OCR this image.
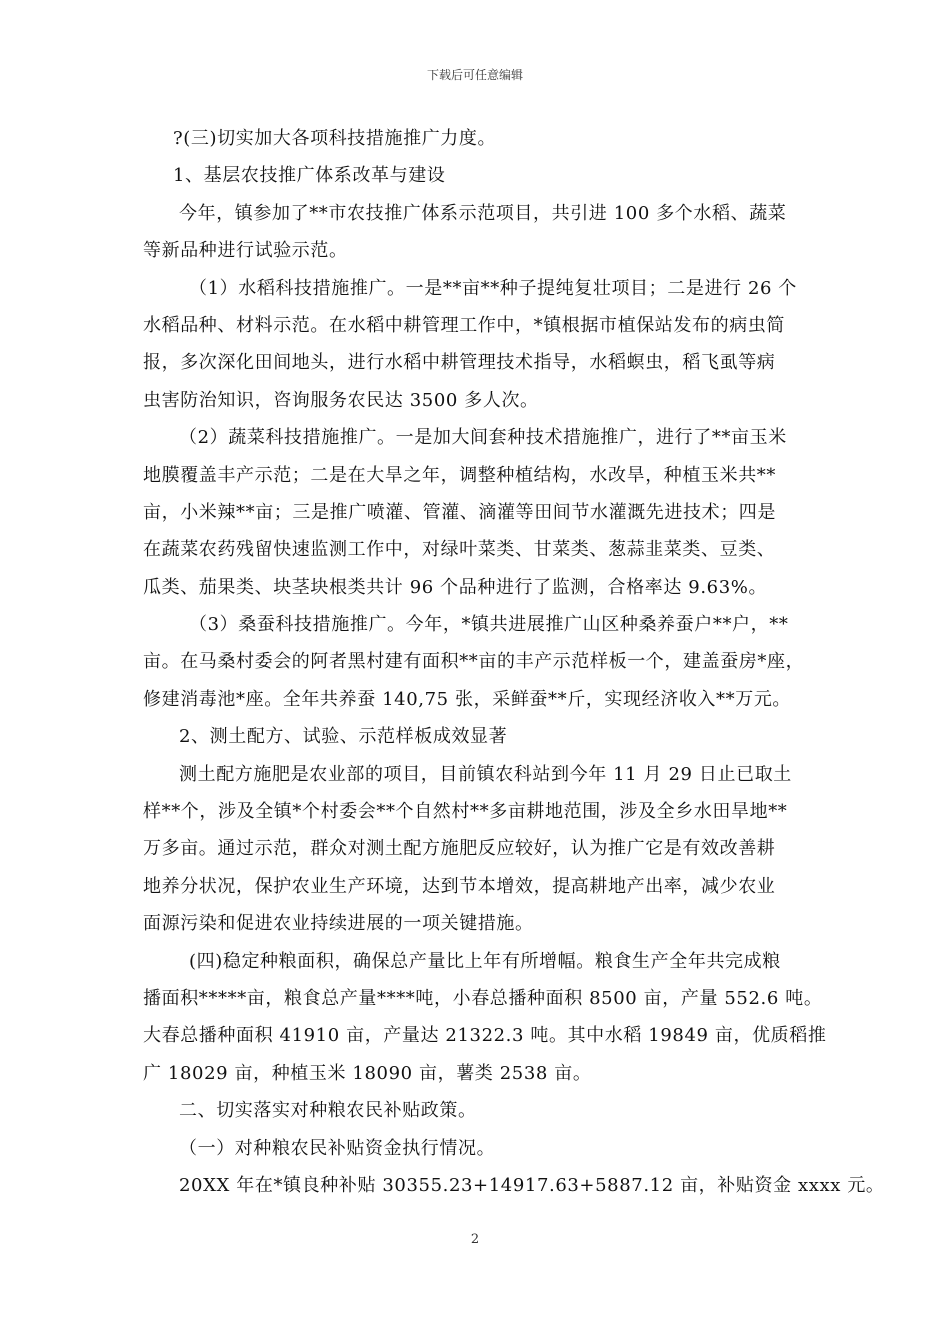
下载后可任意编辑
?(三)切实加大各项科技措施推广力度。
1、基层农技推广体系改革与建设
今年，镇参加了**市农技推广体系示范项目，共引进 100 多个水稻、蔬菜
等新品种进行试验示范。
（1）水稻科技措施推广。一是**亩**种子提纯复壮项目；二是进行 26 个
水稻品种、材料示范。在水稻中耕管理工作中，*镇根据市植保站发布的病虫简
报，多次深化田间地头，进行水稻中耕管理技术指导，水稻螟虫，稻飞虱等病
虫害防治知识，咨询服务农民达 3500 多人次。
（2）蔬菜科技措施推广。一是加大间套种技术措施推广，进行了**亩玉米
地膜覆盖丰产示范；二是在大旱之年，调整种植结构，水改旱，种植玉米共**
亩，小米辣**亩；三是推广喷灌、管灌、滴灌等田间节水灌溉先进技术；四是
在蔬菜农药残留快速监测工作中，对绿叶菜类、甘菜类、葱蒜韭菜类、豆类、
瓜类、茄果类、块茎块根类共计 96 个品种进行了监测，合格率达 9.63%。
（3）桑蚕科技措施推广。今年，*镇共进展推广山区种桑养蚕户**户，**
亩。在马桑村委会的阿者黑村建有面积**亩的丰产示范样板一个，建盖蚕房*座，
修建消毒池*座。全年共养蚕 140,75 张，采鲜蚕**斤，实现经济收入**万元。
2、测土配方、试验、示范样板成效显著
测土配方施肥是农业部的项目，目前镇农科站到今年 11 月 29 日止已取土
样**个，涉及全镇*个村委会**个自然村**多亩耕地范围，涉及全乡水田旱地**
万多亩。通过示范，群众对测土配方施肥反应较好，认为推广它是有效改善耕
地养分状况，保护农业生产环境，达到节本增效，提高耕地产出率，减少农业
面源污染和促进农业持续进展的一项关键措施。
(四)稳定种粮面积，确保总产量比上年有所增幅。粮食生产全年共完成粮
播面积*****亩，粮食总产量****吨，小春总播种面积 8500 亩，产量 552.6 吨。
大春总播种面积 41910 亩，产量达 21322.3 吨。其中水稻 19849 亩，优质稻推
广 18029 亩，种植玉米 18090 亩，薯类 2538 亩。
二、切实落实对种粮农民补贴政策。
（一）对种粮农民补贴资金执行情况。
20XX 年在*镇良种补贴 30355.23+14917.63+5887.12 亩，补贴资金 xxxx 元。
2
